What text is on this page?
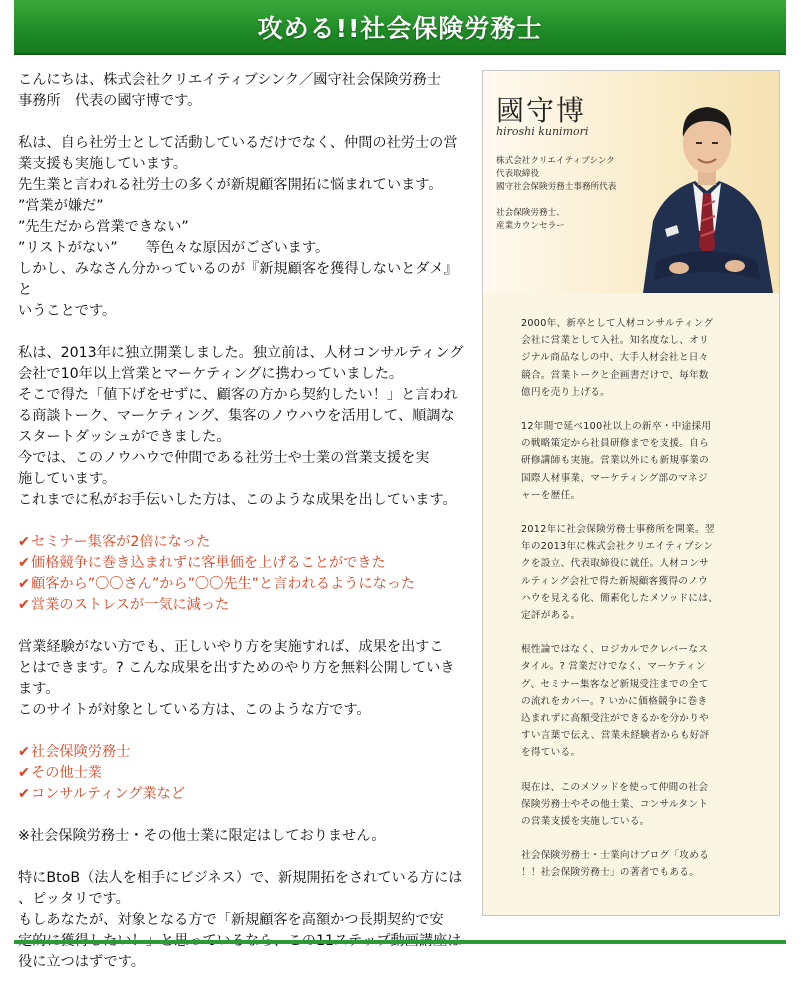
攻める!!社会保険労務士

こんにちは、株式会社クリエイティブシンク／國守社会保険労務士
事務所　代表の國守博です。

私は、自ら社労士として活動しているだけでなく、仲間の社労士の営
業支援も実施しています。
先生業と言われる社労士の多くが新規顧客開拓に悩まれています。
”営業が嫌だ”
”先生だから営業できない”
”リストがない”　　等色々な原因がございます。
しかし、みなさん分かっているのが『新規顧客を獲得しないとダメ』と
いうことです。

私は、2013年に独立開業しました。独立前は、人材コンサルティング
会社で10年以上営業とマーケティングに携わっていました。
そこで得た「値下げをせずに、顧客の方から契約したい！」と言われ
る商談トーク、マーケティング、集客のノウハウを活用して、順調な
スタートダッシュができました。
今では、このノウハウで仲間である社労士や士業の営業支援を実
施しています。
これまでに私がお手伝いした方は、このような成果を出しています。

✔セミナー集客が2倍になった
✔価格競争に巻き込まれずに客単価を上げることができた
✔顧客から”〇〇さん”から”〇〇先生”と言われるようになった
✔営業のストレスが一気に減った

営業経験がない方でも、正しいやり方を実施すれば、成果を出すこ
とはできます。? こんな成果を出すためのやり方を無料公開していき
ます。
このサイトが対象としている方は、このような方です。

✔社会保険労務士
✔その他士業
✔コンサルティング業など

※社会保険労務士・その他士業に限定はしておりません。

特にBtoB（法人を相手にビジネス）で、新規開拓をされている方には
、ピッタリです。
もしあなたが、対象となる方で「新規顧客を高額かつ長期契約で安
役に立つはずです。

國守博
hiroshi kunimori
株式会社クリエイティブシンク
代表取締役
國守社会保険労務士事務所代表
社会保険労務士、
産業カウンセラー

2000年、新卒として人材コンサルティング
会社に営業として入社。知名度なし、オリ
ジナル商品なしの中、大手人材会社と日々
競合。営業トークと企画書だけで、毎年数
億円を売り上げる。

12年間で延べ100社以上の新卒・中途採用
の戦略策定から社員研修までを支援。自ら
研修講師も実施。営業以外にも新規事業の
国際人材事業、マーケティング部のマネジ
ャーを歴任。

2012年に社会保険労務士事務所を開業。翌
年の2013年に株式会社クリエイティブシン
クを設立、代表取締役に就任。人材コンサ
ルティング会社で得た新規顧客獲得のノウ
ハウを見える化、簡素化したメソッドには、
定評がある。

根性論ではなく、ロジカルでクレバーなス
タイル。? 営業だけでなく、マーケティン
グ、セミナー集客など新規受注までの全て
の流れをカバー。? いかに価格競争に巻き
込まれずに高額受注ができるかを分かりや
すい言葉で伝え、営業未経験者からも好評
を得ている。

現在は、このメソッドを使って仲間の社会
保険労務士やその他士業、コンサルタント
の営業支援を実施している。

社会保険労務士・士業向けブログ「攻める
！！社会保険労務士」の著者でもある。
